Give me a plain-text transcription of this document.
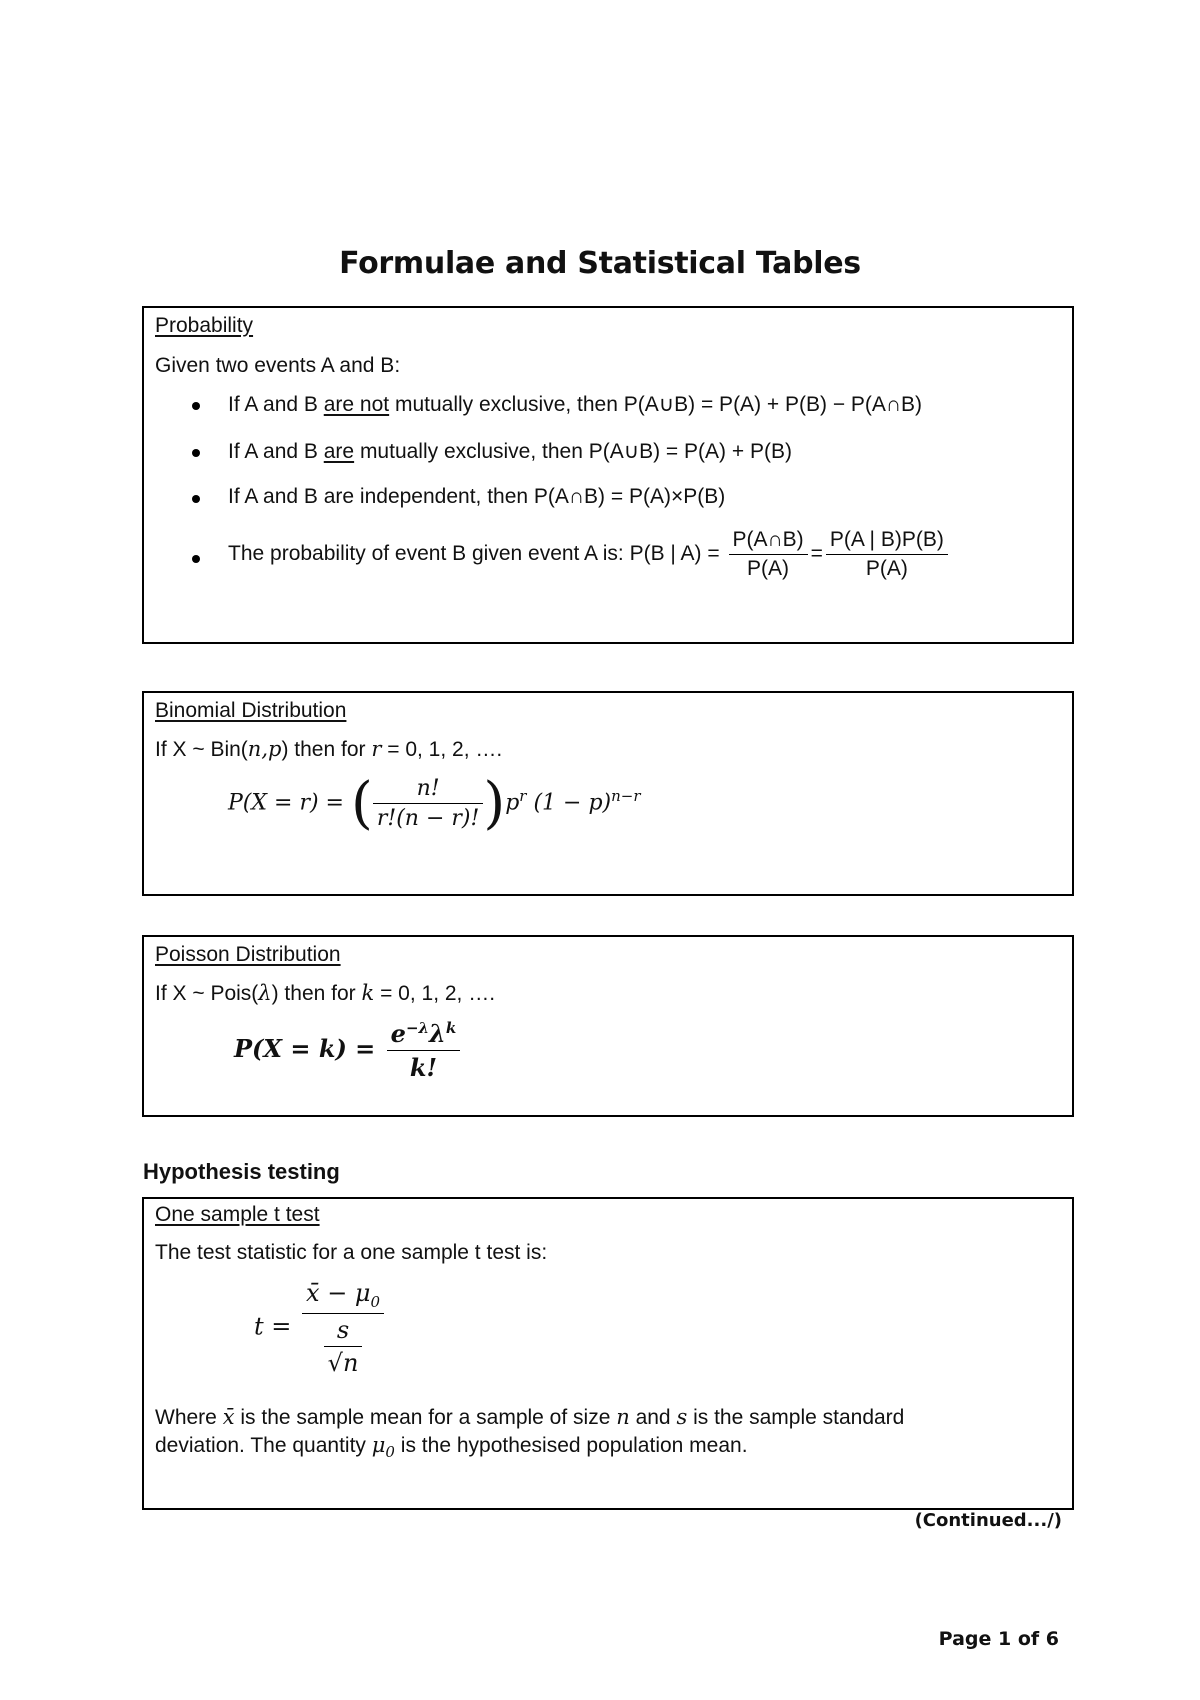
Formulae and Statistical Tables
Probability
Given two events A and B:
If A and B are not mutually exclusive, then P(A∪B) = P(A) + P(B) − P(A∩B)
If A and B are mutually exclusive, then P(A∪B) = P(A) + P(B)
If A and B are independent, then P(A∩B) = P(A)×P(B)
The probability of event B given event A is: P(B | $A) = \frac{P(A\cap B)}{P(A)} = \frac{P(A | B)P(B)}{P(A)}$
Binomial Distribution
If X ~ Bin(n,p) then for r = 0, 1, 2, ….
P(X = r) = ( $\frac{n!}{r!(n - r)!} )p^r$ $(1 - p)^{n-r}$
Poisson Distribution
If X ~ Pois(λ) then for k = 0, 1, 2, ….
$P(X = k) = \frac{e^{-\lambda}\lambda^k}{k!}$
Hypothesis testing
One sample t test
The test statistic for a one sample t test is:
$t = \frac{x̄ - \mu_0}{\frac{s}{√n}}$
Where x̄ is the sample mean for a sample of size n and s is the sample standard
deviation. The quantity $\mu_0$ is the hypothesised population mean.
(Continued.../)
Page 1 of 6
